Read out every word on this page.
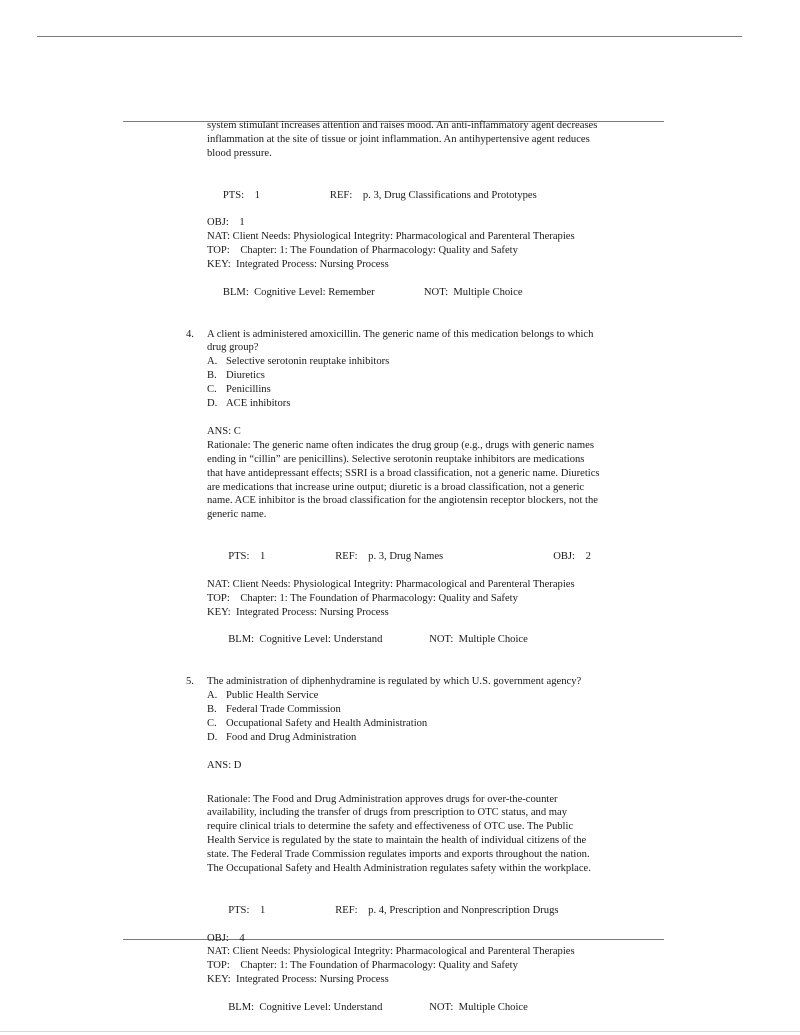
system stimulant increases attention and raises mood. An anti-inflammatory agent decreases
inflammation at the site of tissue or joint inflammation. An antihypertensive agent reduces
blood pressure.

PTS:    1	REF:    p. 3, Drug Classifications and Prototypes

OBJ:    1
NAT: Client Needs: Physiological Integrity: Pharmacological and Parenteral Therapies
TOP:    Chapter: 1: The Foundation of Pharmacology: Quality and Safety
KEY:  Integrated Process: Nursing Process

BLM:  Cognitive Level: Remember	NOT:  Multiple Choice

4.	A client is administered amoxicillin. The generic name of this medication belongs to which
drug group?
A. Selective serotonin reuptake inhibitors
B. Diuretics
C. Penicillins
D. ACE inhibitors
ANS: C
Rationale: The generic name often indicates the drug group (e.g., drugs with generic names
ending in “cillin” are penicillins). Selective serotonin reuptake inhibitors are medications
that have antidepressant effects; SSRI is a broad classification, not a generic name. Diuretics
are medications that increase urine output; diuretic is a broad classification, not a generic
name. ACE inhibitor is the broad classification for the angiotensin receptor blockers, not the
generic name.

PTS:    1	REF:    p. 3, Drug Names	OBJ:    2

NAT: Client Needs: Physiological Integrity: Pharmacological and Parenteral Therapies
TOP:    Chapter: 1: The Foundation of Pharmacology: Quality and Safety
KEY:  Integrated Process: Nursing Process

BLM:  Cognitive Level: Understand	NOT:  Multiple Choice

5.	The administration of diphenhydramine is regulated by which U.S. government agency?
A. Public Health Service
B. Federal Trade Commission
C. Occupational Safety and Health Administration
D. Food and Drug Administration
ANS: D
Rationale: The Food and Drug Administration approves drugs for over-the-counter
availability, including the transfer of drugs from prescription to OTC status, and may
require clinical trials to determine the safety and effectiveness of OTC use. The Public
Health Service is regulated by the state to maintain the health of individual citizens of the
state. The Federal Trade Commission regulates imports and exports throughout the nation.
The Occupational Safety and Health Administration regulates safety within the workplace.

PTS:    1	REF:    p. 4, Prescription and Nonprescription Drugs

OBJ:    4
NAT: Client Needs: Physiological Integrity: Pharmacological and Parenteral Therapies
TOP:    Chapter: 1: The Foundation of Pharmacology: Quality and Safety
KEY:  Integrated Process: Nursing Process

BLM:  Cognitive Level: Understand	NOT:  Multiple Choice
